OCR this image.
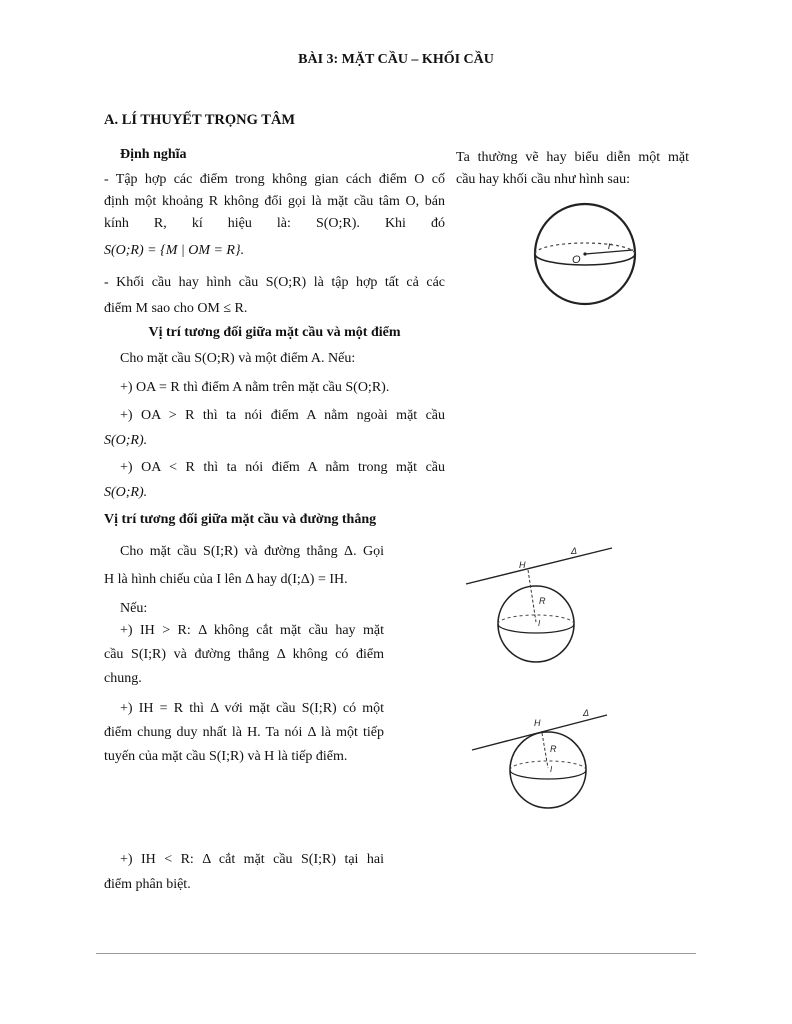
BÀI 3: MẶT CẦU – KHỐI CẦU
A. LÍ THUYẾT TRỌNG TÂM
Định nghĩa
- Tập hợp các điểm trong không gian cách điểm O cố
định một khoảng R không đổi gọi là mặt cầu tâm O, bán
kính R, kí hiệu là: S(O;R). Khi đó
S(O;R) = {M | OM = R}.
- Khối cầu hay hình cầu S(O;R) là tập hợp tất cả các
điểm M sao cho OM ≤ R.
Vị trí tương đối giữa mặt cầu và một điểm
Cho mặt cầu S(O;R) và một điểm A. Nếu:
+) OA = R thì điểm A nằm trên mặt cầu S(O;R).
+) OA > R thì ta nói điểm A nằm ngoài mặt cầu
S(O;R).
+) OA < R thì ta nói điểm A nằm trong mặt cầu
S(O;R).
Vị trí tương đối giữa mặt cầu và đường thẳng
Cho mặt cầu S(I;R) và đường thẳng Δ. Gọi
H là hình chiếu của I lên Δ hay d(I;Δ) = IH.
Nếu:
+) IH > R: Δ không cắt mặt cầu hay mặt
cầu S(I;R) và đường thẳng Δ không có điểm
chung.
+) IH = R thì Δ với mặt cầu S(I;R) có một
điểm chung duy nhất là H. Ta nói Δ là một tiếp
tuyến của mặt cầu S(I;R) và H là tiếp điểm.
+) IH < R: Δ cắt mặt cầu S(I;R) tại hai
điểm phân biệt.
Ta thường vẽ hay biểu diễn một mặt
cầu hay khối cầu như hình sau:
O
r
Δ
H
R
I
Δ
H
R
I
